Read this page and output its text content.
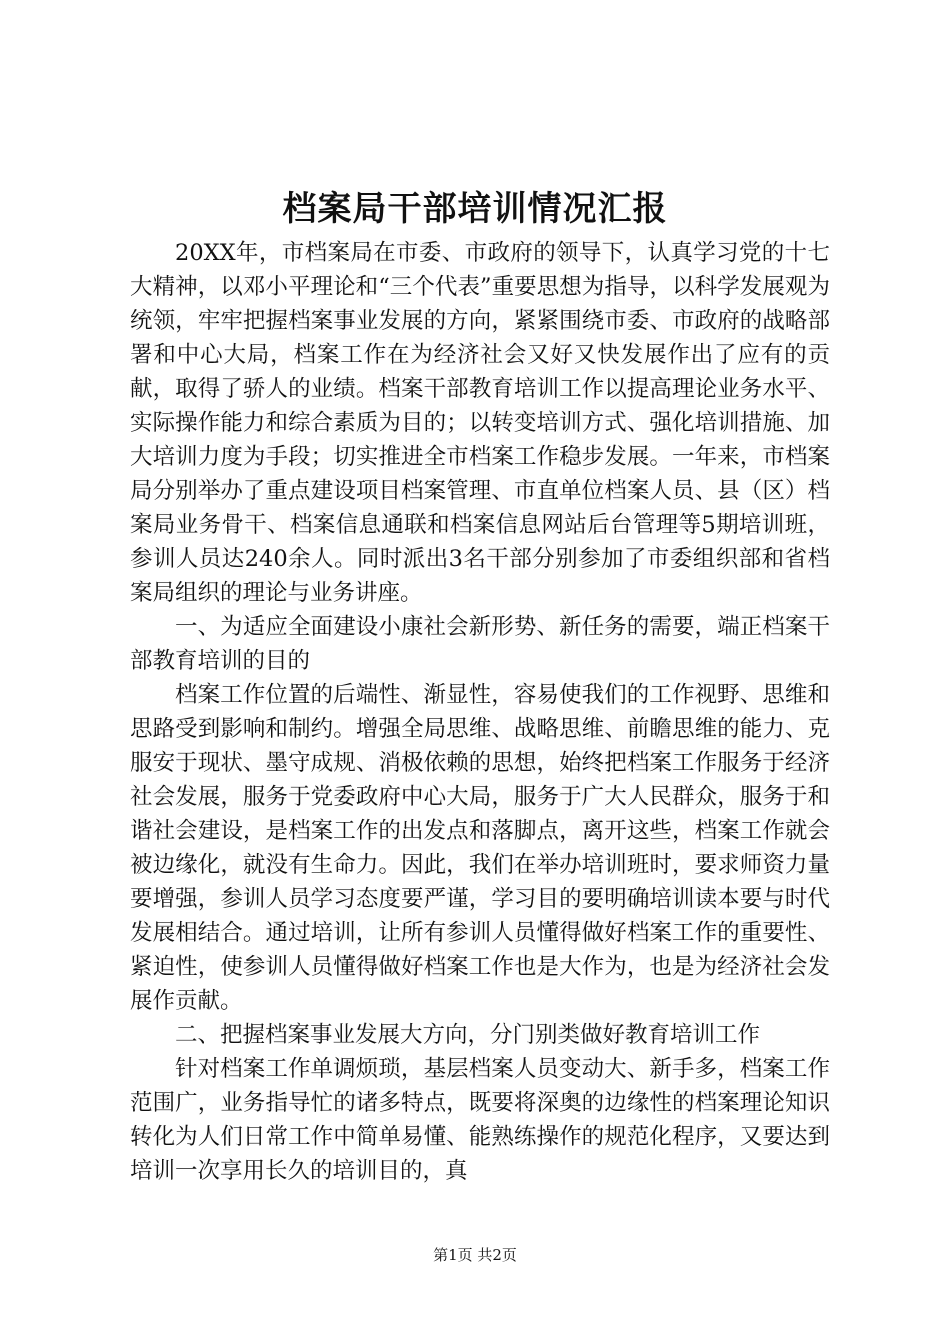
档案局干部培训情况汇报

20XX年，市档案局在市委、市政府的领导下，认真学习党的十七大精神，以邓小平理论和“三个代表”重要思想为指导，以科学发展观为统领，牢牢把握档案事业发展的方向，紧紧围绕市委、市政府的战略部署和中心大局，档案工作在为经济社会又好又快发展作出了应有的贡献，取得了骄人的业绩。档案干部教育培训工作以提高理论业务水平、实际操作能力和综合素质为目的；以转变培训方式、强化培训措施、加大培训力度为手段；切实推进全市档案工作稳步发展。一年来，市档案局分别举办了重点建设项目档案管理、市直单位档案人员、县（区）档案局业务骨干、档案信息通联和档案信息网站后台管理等5期培训班，参训人员达240余人。同时派出3名干部分别参加了市委组织部和省档案局组织的理论与业务讲座。

一、为适应全面建设小康社会新形势、新任务的需要，端正档案干部教育培训的目的

档案工作位置的后端性、渐显性，容易使我们的工作视野、思维和思路受到影响和制约。增强全局思维、战略思维、前瞻思维的能力、克服安于现状、墨守成规、消极依赖的思想，始终把档案工作服务于经济社会发展，服务于党委政府中心大局，服务于广大人民群众，服务于和谐社会建设，是档案工作的出发点和落脚点，离开这些，档案工作就会被边缘化，就没有生命力。因此，我们在举办培训班时，要求师资力量要增强，参训人员学习态度要严谨，学习目的要明确培训读本要与时代发展相结合。通过培训，让所有参训人员懂得做好档案工作的重要性、紧迫性，使参训人员懂得做好档案工作也是大作为，也是为经济社会发展作贡献。

二、把握档案事业发展大方向，分门别类做好教育培训工作

针对档案工作单调烦琐，基层档案人员变动大、新手多，档案工作范围广，业务指导忙的诸多特点，既要将深奥的边缘性的档案理论知识转化为人们日常工作中简单易懂、能熟练操作的规范化程序，又要达到培训一次享用长久的培训目的，真

第1页 共2页
